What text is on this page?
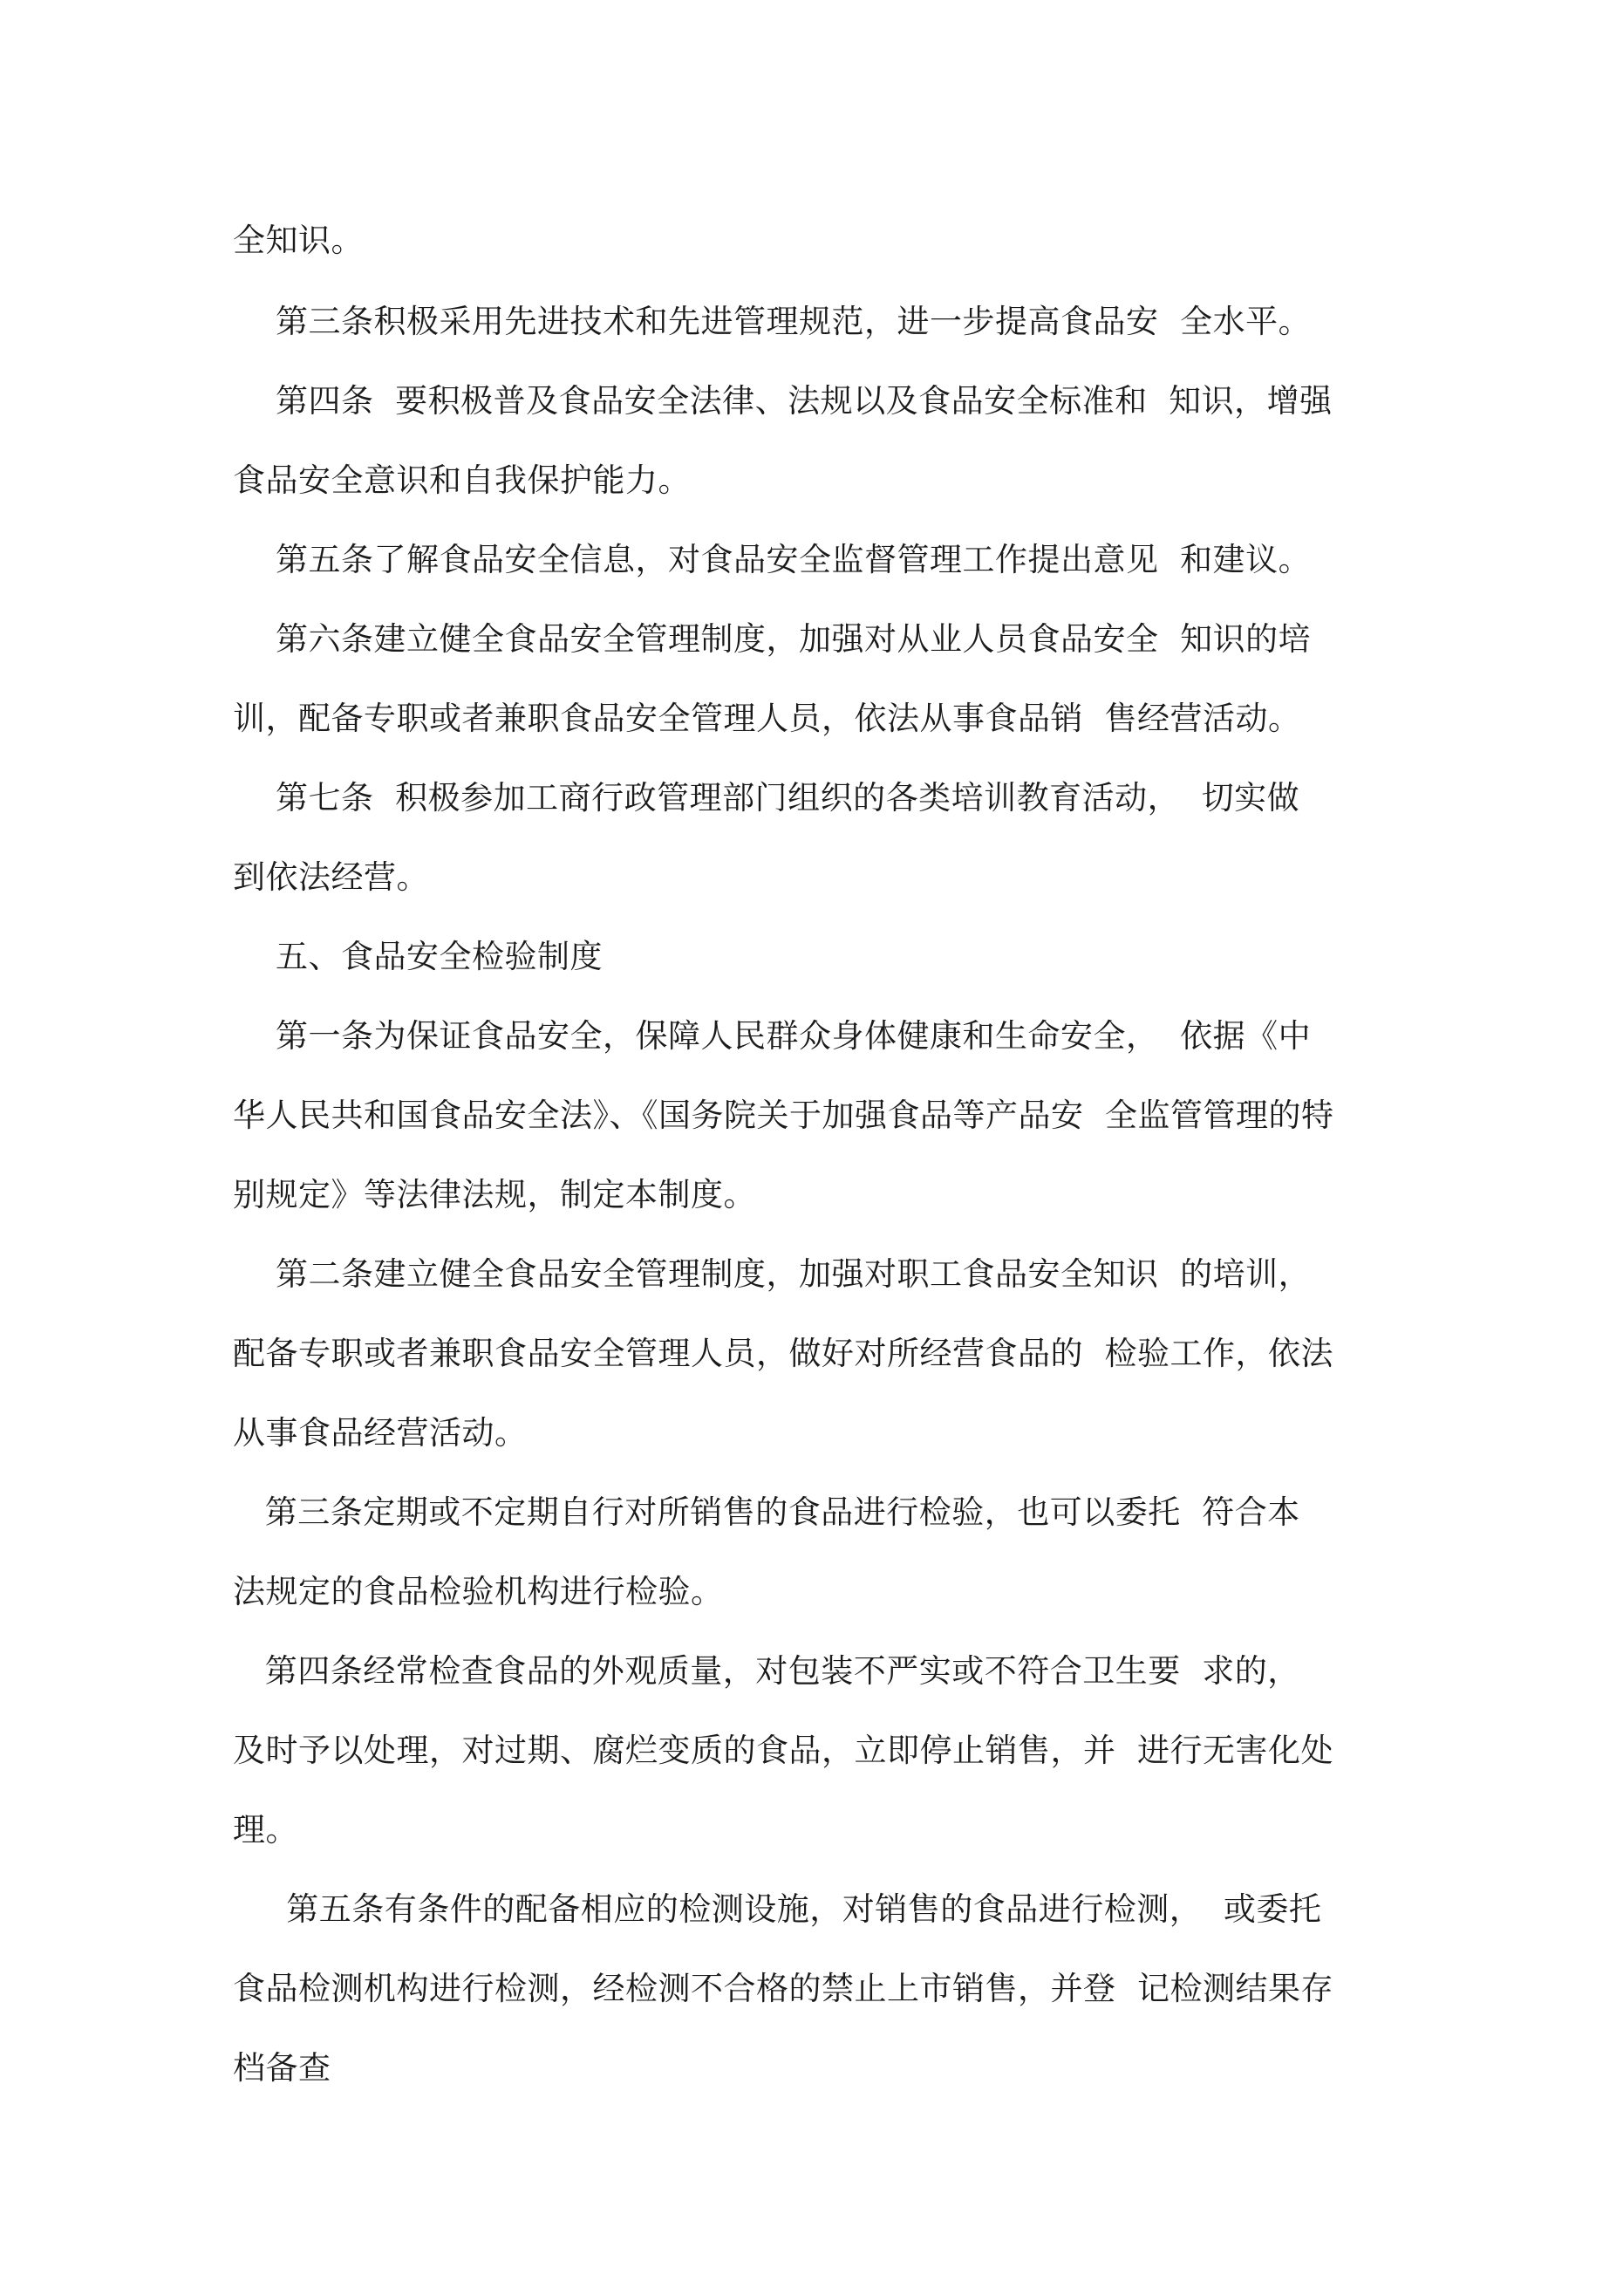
全知识。
第三条积极采用先进技术和先进管理规范，进一步提高食品安  全水平。
第四条  要积极普及食品安全法律、法规以及食品安全标准和  知识，增强
食品安全意识和自我保护能力。
第五条了解食品安全信息，对食品安全监督管理工作提出意见  和建议。
第六条建立健全食品安全管理制度，加强对从业人员食品安全  知识的培
训，配备专职或者兼职食品安全管理人员，依法从事食品销  售经营活动。
第七条  积极参加工商行政管理部门组织的各类培训教育活动，  切实做
到依法经营。
五、食品安全检验制度
第一条为保证食品安全，保障人民群众身体健康和生命安全，  依据《中
华人民共和国食品安全法》、《国务院关于加强食品等产品安  全监管管理的特
别规定》等法律法规，制定本制度。
第二条建立健全食品安全管理制度，加强对职工食品安全知识  的培训，
配备专职或者兼职食品安全管理人员，做好对所经营食品的  检验工作，依法
从事食品经营活动。
第三条定期或不定期自行对所销售的食品进行检验，也可以委托  符合本
法规定的食品检验机构进行检验。
第四条经常检查食品的外观质量，对包装不严实或不符合卫生要  求的，
及时予以处理，对过期、腐烂变质的食品，立即停止销售，并  进行无害化处
理。
第五条有条件的配备相应的检测设施，对销售的食品进行检测，  或委托
食品检测机构进行检测，经检测不合格的禁止上市销售，并登  记检测结果存
档备查
